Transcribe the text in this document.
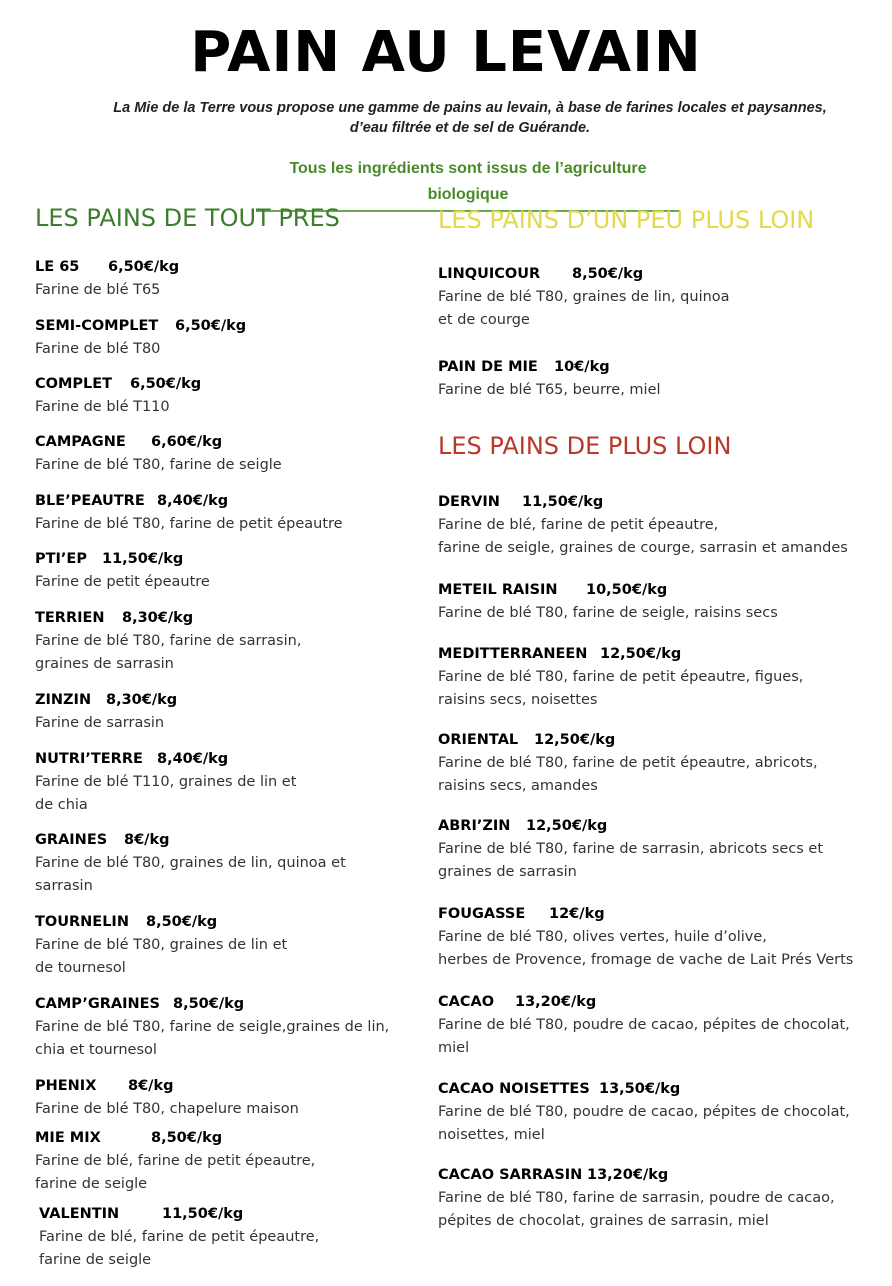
PAIN AU LEVAIN
La Mie de la Terre vous propose une gamme de pains au levain, à base de farines locales et paysannes,
d’eau filtrée et de sel de Guérande.
Tous les ingrédients sont issus de l’agriculture biologique
LES PAINS DE TOUT PRES	LES PAINS D’UN PEU PLUS LOIN
LES PAINS DE PLUS LOIN
LE 65 6,50€/kg
Farine de blé T65
SEMI-COMPLET 6,50€/kg
Farine de blé T80
COMPLET 6,50€/kg
Farine de blé T110
CAMPAGNE 6,60€/kg
Farine de blé T80, farine de seigle
BLE’PEAUTRE 8,40€/kg
Farine de blé T80, farine de petit épeautre
PTI’EP 11,50€/kg
Farine de petit épeautre
TERRIEN 8,30€/kg
Farine de blé T80, farine de sarrasin,
graines de sarrasin
ZINZIN 8,30€/kg
Farine de sarrasin
NUTRI’TERRE 8,40€/kg
Farine de blé T110, graines de lin et
de chia
GRAINES 8€/kg
Farine de blé T80, graines de lin, quinoa et
sarrasin
TOURNELIN 8,50€/kg
Farine de blé T80, graines de lin et
de tournesol
CAMP’GRAINES 8,50€/kg
Farine de blé T80, farine de seigle,graines de lin,
chia et tournesol
PHENIX 8€/kg
Farine de blé T80, chapelure maison
MIE MIX	8,50€/kg
Farine de blé, farine de petit épeautre,
farine de seigle
VALENTIN	11,50€/kg
Farine de blé, farine de petit épeautre,
farine de seigle
LINQUICOUR 8,50€/kg
Farine de blé T80, graines de lin, quinoa
et de courge
PAIN DE MIE 10€/kg
Farine de blé T65, beurre, miel
DERVIN 11,50€/kg
Farine de blé, farine de petit épeautre,
farine de seigle, graines de courge, sarrasin et amandes
METEIL RAISIN 10,50€/kg
Farine de blé T80, farine de seigle, raisins secs
MEDITTERRANEEN 12,50€/kg
Farine de blé T80, farine de petit épeautre, figues,
raisins secs, noisettes
ORIENTAL 12,50€/kg
Farine de blé T80, farine de petit épeautre, abricots,
raisins secs, amandes
ABRI’ZIN 12,50€/kg
Farine de blé T80, farine de sarrasin, abricots secs et
graines de sarrasin
FOUGASSE 12€/kg
Farine de blé T80, olives vertes, huile d’olive,
herbes de Provence, fromage de vache de Lait Prés Verts
CACAO 13,20€/kg
Farine de blé T80, poudre de cacao, pépites de chocolat,
miel
CACAO NOISETTES 13,50€/kg
Farine de blé T80, poudre de cacao, pépites de chocolat,
noisettes, miel
CACAO SARRASIN 13,20€/kg
Farine de blé T80, farine de sarrasin, poudre de cacao,
pépites de chocolat, graines de sarrasin, miel
